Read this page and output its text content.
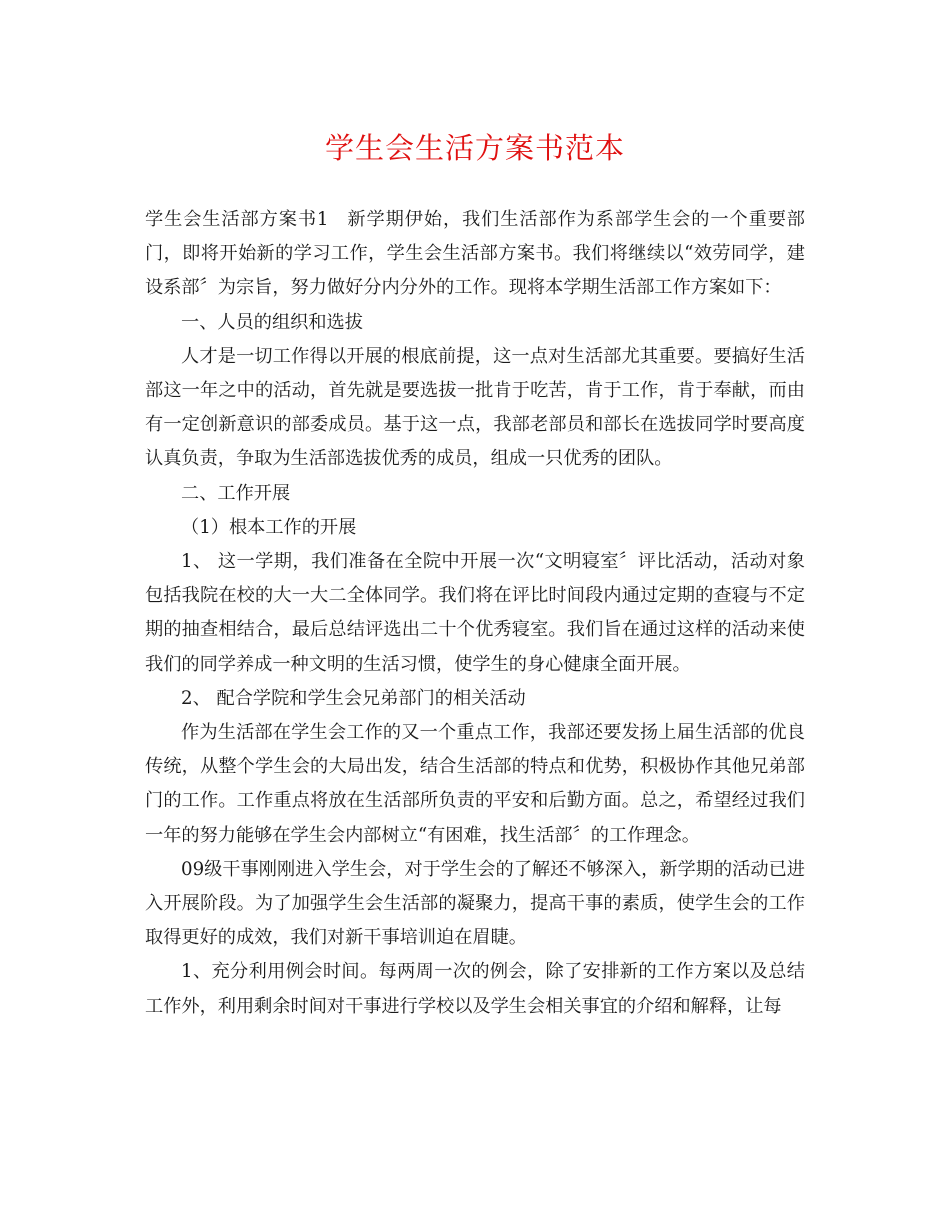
学生会生活方案书范本

学生会生活部方案书1 新学期伊始，我们生活部作为系部学生会的一个重要部门，即将开始新的学习工作，学生会生活部方案书。我们将继续以“效劳同学，建设系部〞为宗旨，努力做好分内分外的工作。现将本学期生活部工作方案如下：

一、人员的组织和选拔

人才是一切工作得以开展的根底前提，这一点对生活部尤其重要。要搞好生活部这一年之中的活动，首先就是要选拔一批肯于吃苦，肯于工作，肯于奉献，而由有一定创新意识的部委成员。基于这一点，我部老部员和部长在选拔同学时要高度认真负责，争取为生活部选拔优秀的成员，组成一只优秀的团队。

二、工作开展

（1）根本工作的开展

1、 这一学期，我们准备在全院中开展一次“文明寝室〞评比活动，活动对象包括我院在校的大一大二全体同学。我们将在评比时间段内通过定期的查寝与不定期的抽查相结合，最后总结评选出二十个优秀寝室。我们旨在通过这样的活动来使我们的同学养成一种文明的生活习惯，使学生的身心健康全面开展。

2、 配合学院和学生会兄弟部门的相关活动

作为生活部在学生会工作的又一个重点工作，我部还要发扬上届生活部的优良传统，从整个学生会的大局出发，结合生活部的特点和优势，积极协作其他兄弟部门的工作。工作重点将放在生活部所负责的平安和后勤方面。总之，希望经过我们一年的努力能够在学生会内部树立“有困难，找生活部〞的工作理念。

09级干事刚刚进入学生会，对于学生会的了解还不够深入，新学期的活动已进入开展阶段。为了加强学生会生活部的凝聚力，提高干事的素质，使学生会的工作取得更好的成效，我们对新干事培训迫在眉睫。

1、充分利用例会时间。每两周一次的例会，除了安排新的工作方案以及总结工作外，利用剩余时间对干事进行学校以及学生会相关事宜的介绍和解释，让每
